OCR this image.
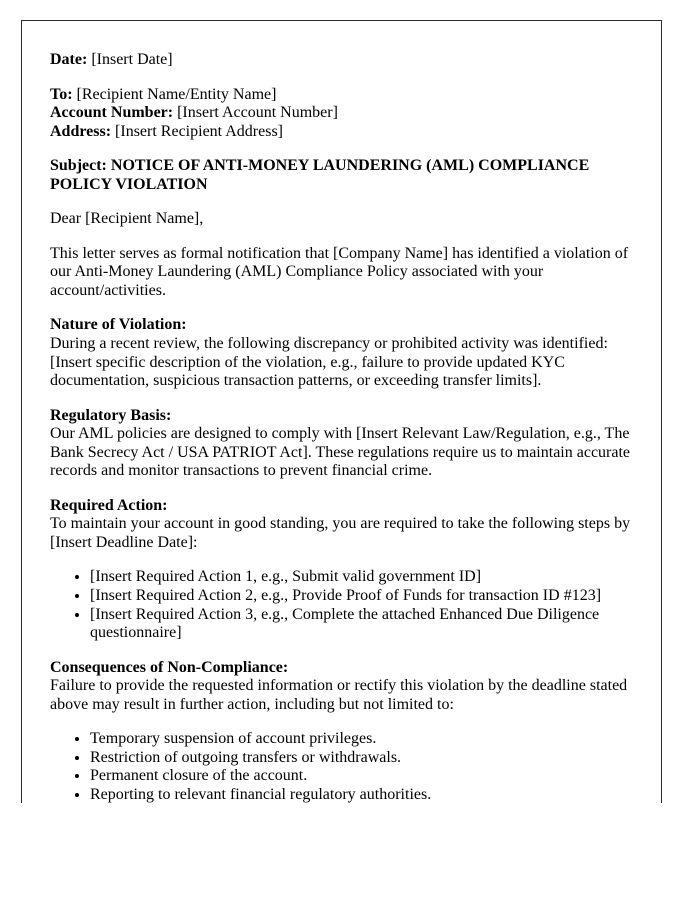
Date: [Insert Date]
To: [Recipient Name/Entity Name]
Account Number: [Insert Account Number]
Address: [Insert Recipient Address]
Subject: NOTICE OF ANTI-MONEY LAUNDERING (AML) COMPLIANCE POLICY VIOLATION
Dear [Recipient Name],
This letter serves as formal notification that [Company Name] has identified a violation of our Anti-Money Laundering (AML) Compliance Policy associated with your account/activities.
Nature of Violation:
During a recent review, the following discrepancy or prohibited activity was identified: [Insert specific description of the violation, e.g., failure to provide updated KYC documentation, suspicious transaction patterns, or exceeding transfer limits].
Regulatory Basis:
Our AML policies are designed to comply with [Insert Relevant Law/Regulation, e.g., The Bank Secrecy Act / USA PATRIOT Act]. These regulations require us to maintain accurate records and monitor transactions to prevent financial crime.
Required Action:
To maintain your account in good standing, you are required to take the following steps by [Insert Deadline Date]:
• [Insert Required Action 1, e.g., Submit valid government ID]
• [Insert Required Action 2, e.g., Provide Proof of Funds for transaction ID #123]
• [Insert Required Action 3, e.g., Complete the attached Enhanced Due Diligence questionnaire]
Consequences of Non-Compliance:
Failure to provide the requested information or rectify this violation by the deadline stated above may result in further action, including but not limited to:
• Temporary suspension of account privileges.
• Restriction of outgoing transfers or withdrawals.
• Permanent closure of the account.
• Reporting to relevant financial regulatory authorities.
